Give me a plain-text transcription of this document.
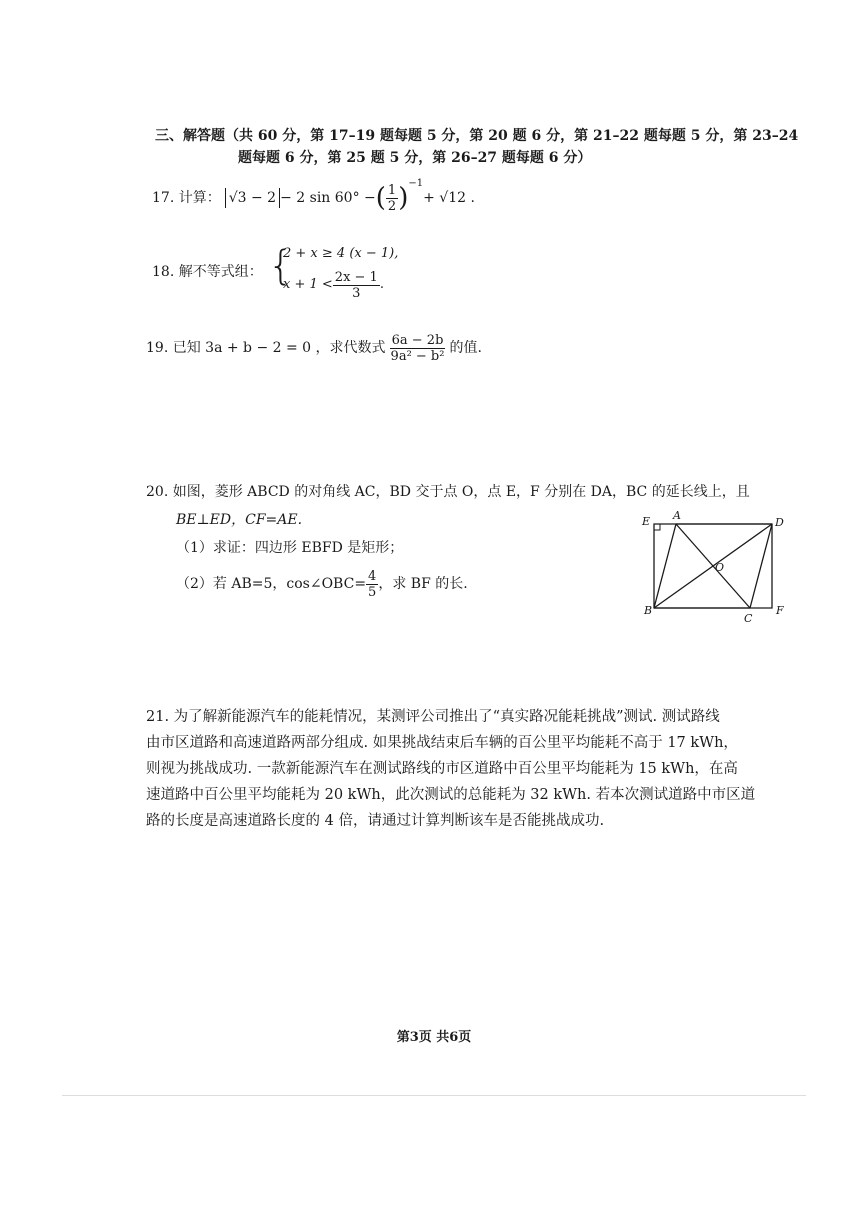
三、解答题（共 60 分，第 17–19 题每题 5 分，第 20 题 6 分，第 21–22 题每题 5 分，第 23–24
题每题 6 分，第 25 题 5 分，第 26–27 题每题 6 分）
17. 计算： √3 − 2 − 2 sin 60° − ( $\frac{1}{2}$ ) −1
+ √12 .
18. 解不等式组： {
2 + x ≥ 4 (x − 1),
$x + 1 < \frac{2x - 1}{3}$ .
19. 已知 3a + b − 2 = 0 ，求代数式 $\frac{6a - 2b}{\text{9a² − b²}}$ 的值.
20. 如图，菱形 ABCD 的对角线 AC，BD 交于点 O，点 E，F 分别在 DA，BC 的延长线上，且
BE⊥ED，CF=AE.
（1）求证：四边形 EBFD 是矩形；
（2）若 AB=5，cos∠OBC= $\frac{4}{5}$ ，求 BF 的长.
E A
D
O
B
C
F
21. 为了解新能源汽车的能耗情况，某测评公司推出了“真实路况能耗挑战”测试. 测试路线
由市区道路和高速道路两部分组成. 如果挑战结束后车辆的百公里平均能耗不高于 17 kWh，
则视为挑战成功. 一款新能源汽车在测试路线的市区道路中百公里平均能耗为 15 kWh，在高
速道路中百公里平均能耗为 20 kWh，此次测试的总能耗为 32 kWh. 若本次测试道路中市区道
路的长度是高速道路长度的 4 倍，请通过计算判断该车是否能挑战成功.
第3页 共6页
